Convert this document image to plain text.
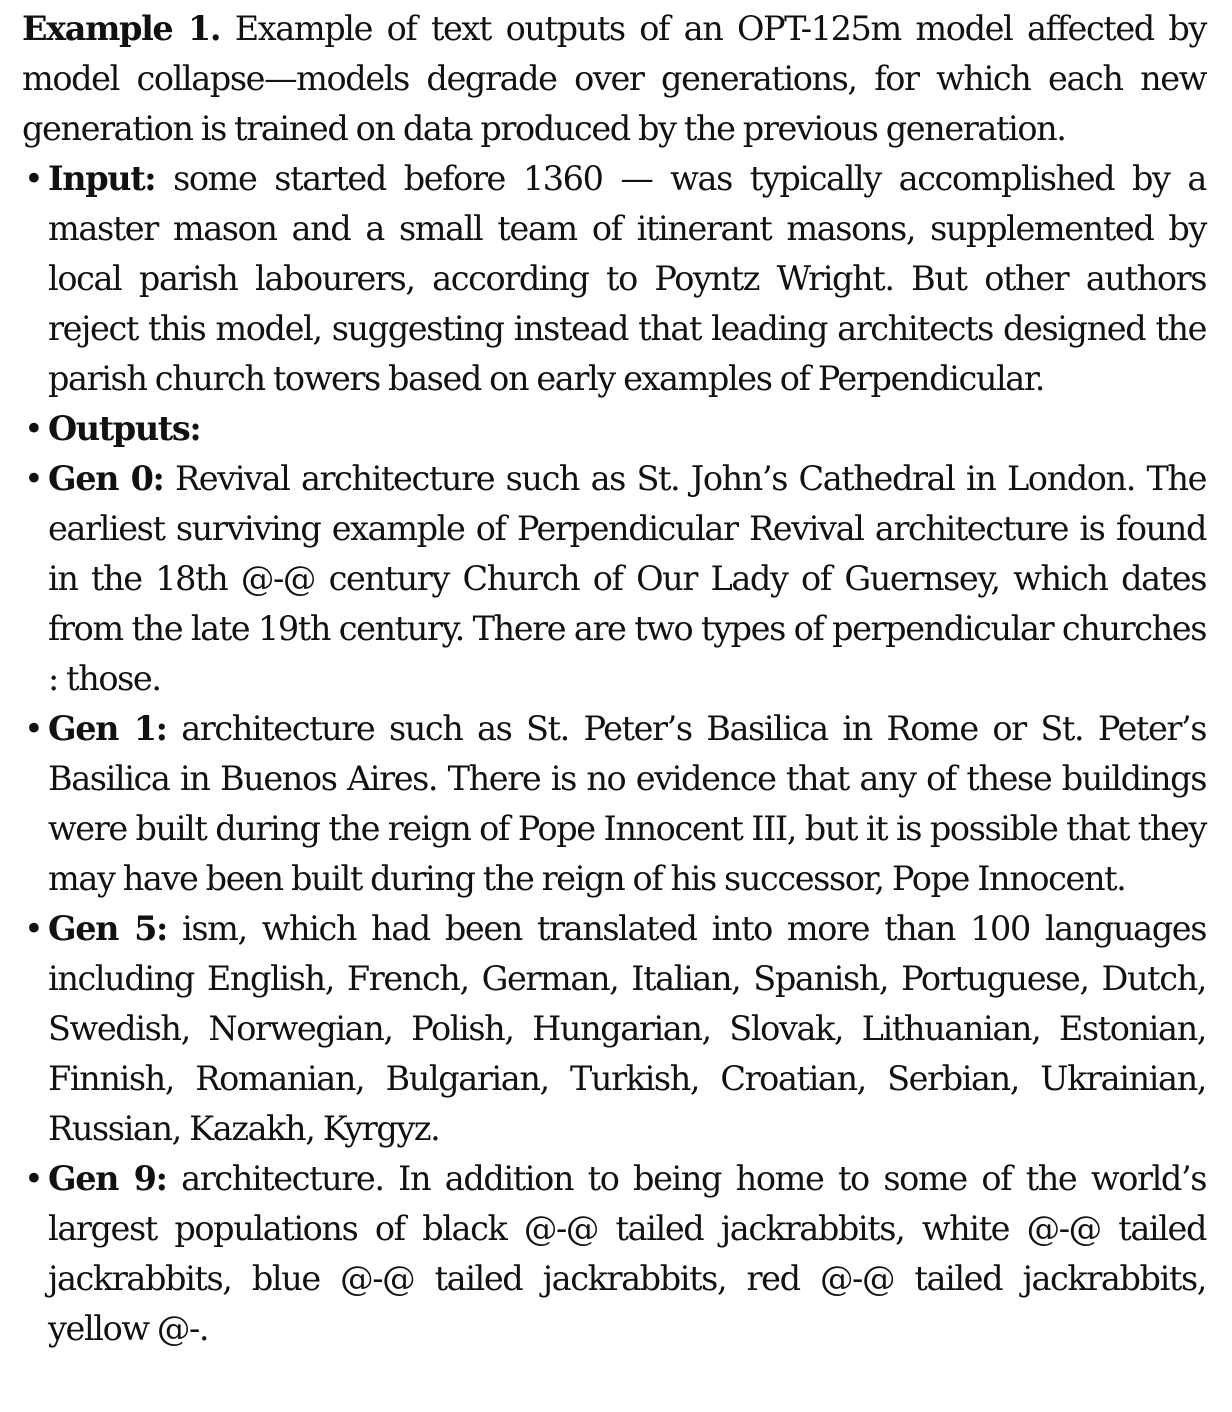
Example 1. Example of text outputs of an OPT-125m model affected by model collapse—models degrade over generations, for which each new generation is trained on data produced by the previous generation.

• Input: some started before 1360 — was typically accomplished by a master mason and a small team of itinerant masons, supplemented by local parish labourers, according to Poyntz Wright. But other authors reject this model, suggesting instead that leading architects designed the parish church towers based on early examples of Perpendicular.
• Outputs:
• Gen 0: Revival architecture such as St. John’s Cathedral in London. The earliest surviving example of Perpendicular Revival architecture is found in the 18th @-@ century Church of Our Lady of Guernsey, which dates from the late 19th century. There are two types of perpendicular churches : those.
• Gen 1: architecture such as St. Peter’s Basilica in Rome or St. Peter’s Basilica in Buenos Aires. There is no evidence that any of these buildings were built during the reign of Pope Innocent III, but it is possible that they may have been built during the reign of his successor, Pope Innocent.
• Gen 5: ism, which had been translated into more than 100 languages including English, French, German, Italian, Spanish, Portuguese, Dutch, Swedish, Norwegian, Polish, Hungarian, Slovak, Lithuanian, Estonian, Finnish, Romanian, Bulgarian, Turkish, Croatian, Serbian, Ukrainian, Russian, Kazakh, Kyrgyz.
• Gen 9: architecture. In addition to being home to some of the world’s largest populations of black @-@ tailed jackrabbits, white @-@ tailed jackrabbits, blue @-@ tailed jackrabbits, red @-@ tailed jackrabbits, yellow @-.
